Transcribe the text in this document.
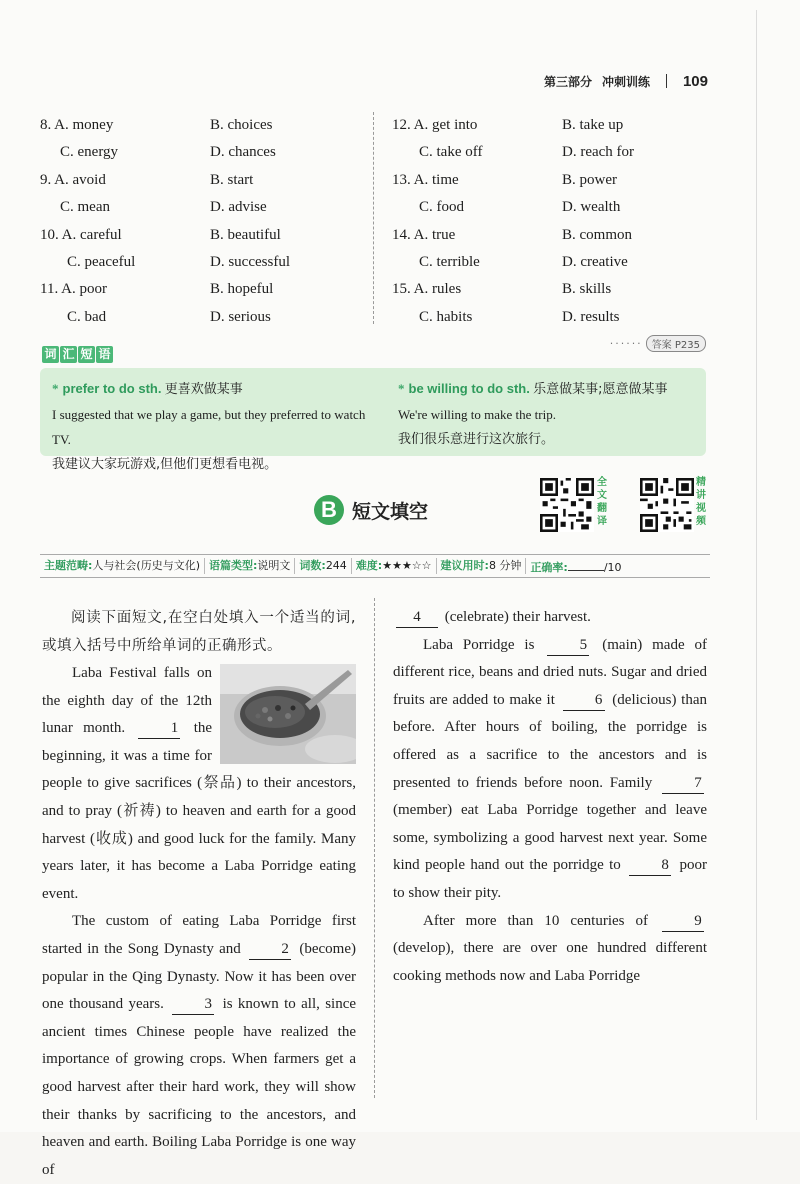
第三部分 冲刺训练 109
8. A. money	B. choices
C. energy	D. chances
9. A. avoid	B. start
C. mean	D. advise
10. A. careful	B. beautiful
C. peaceful	D. successful
11. A. poor	B. hopeful
C. bad	D. serious
12. A. get into	B. take up
C. take off	D. reach for
13. A. time	B. power
C. food	D. wealth
14. A. true	B. common
C. terrible	D. creative
15. A. rules	B. skills
C. habits	D. results
······ 答案 P235
词 汇 短 语
* prefer to do sth. 更喜欢做某事
I suggested that we play a game, but they preferred to watch TV.
我建议大家玩游戏,但他们更想看电视。
* be willing to do sth. 乐意做某事;愿意做某事
We're willing to make the trip.
我们很乐意进行这次旅行。
B 短文填空
全文翻译
精讲视频
主题范畴:人与社会(历史与文化) 语篇类型:说明文 词数:244 难度:★★★☆☆ 建议用时:8 分钟 正确率:	/10

阅读下面短文,在空白处填入一个适当的词,或填入括号中所给单词的正确形式。

Laba Festival falls on the eighth day of the 12th lunar month.	1 the beginning, it was a time for people to give sacrifices (祭品) to their ancestors, and to pray (祈祷) to heaven and earth for a good harvest (收成) and good luck for the family. Many years later, it has become a Laba Porridge eating event.

The custom of eating Laba Porridge first started in the Song Dynasty and	2 (become) popular in the Qing Dynasty. Now it has been over one thousand years.	3 is known to all, since ancient times Chinese people have realized the importance of growing crops. When farmers get a good harvest after their hard work, they will show their thanks by sacrificing to the ancestors, and heaven and earth. Boiling Laba Porridge is one way of

4 (celebrate) their harvest.

Laba Porridge is	5 (main) made of different rice, beans and dried nuts. Sugar and dried fruits are added to make it	6 (delicious) than before. After hours of boiling, the porridge is offered as a sacrifice to the ancestors and is presented to friends before noon. Family	7 (member) eat Laba Porridge together and leave some, symbolizing a good harvest next year. Some kind people hand out the porridge to	8 poor to show their pity.

After more than 10 centuries of	9 (develop), there are over one hundred different cooking methods now and Laba Porridge
